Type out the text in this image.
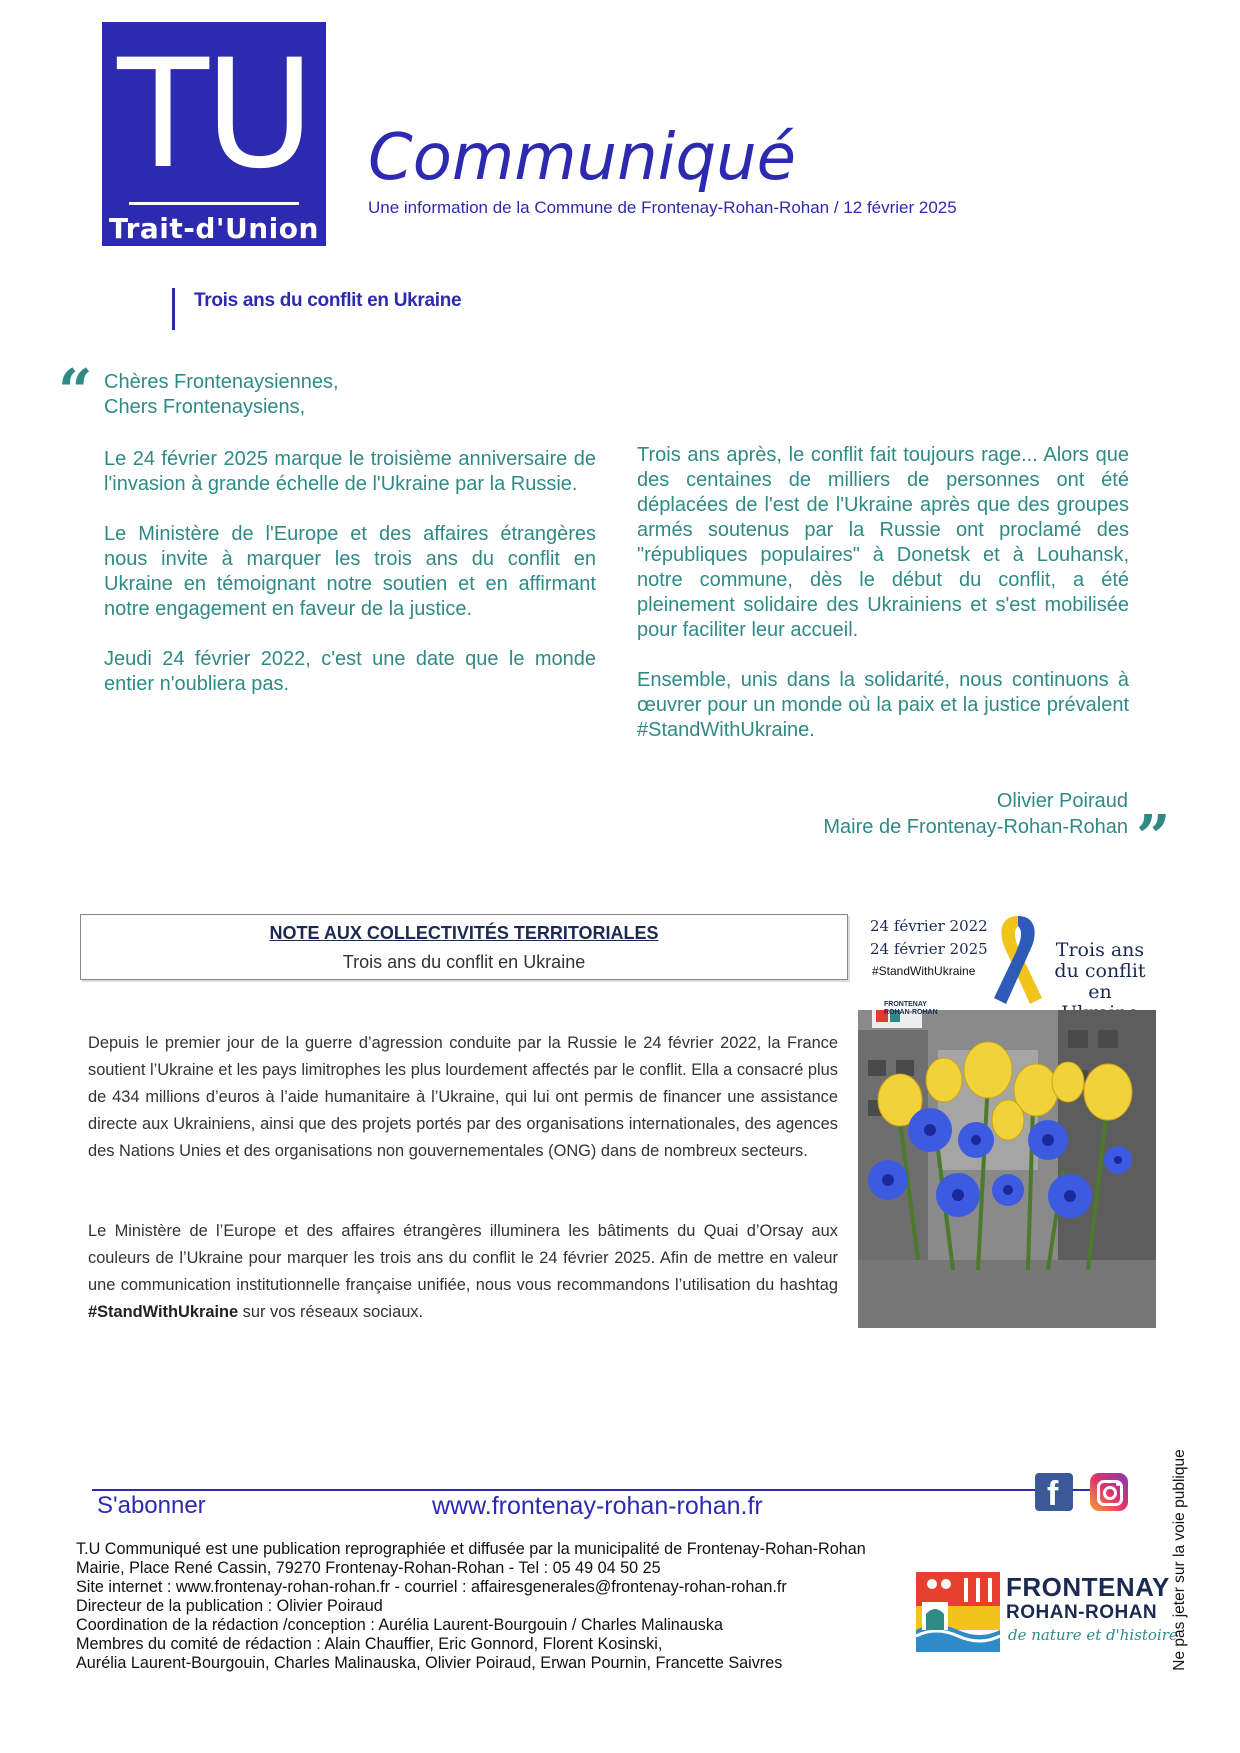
TU
Trait-d'Union
Communiqué
Une information de la Commune de Frontenay-Rohan-Rohan / 12 février 2025
Trois ans du conflit en Ukraine
“ Chères Frontenaysiennes,
Chers Frontenaysiens,

Le 24 février 2025 marque le troisième anniversaire de l'invasion à grande échelle de l'Ukraine par la Russie.

Le Ministère de l'Europe et des affaires étrangères nous invite à marquer les trois ans du conflit en Ukraine en témoignant notre soutien et en affirmant notre engagement en faveur de la justice.

Jeudi 24 février 2022, c'est une date que le monde entier n'oubliera pas.

Trois ans après, le conflit fait toujours rage... Alors que des centaines de milliers de personnes ont été déplacées de l'est de l'Ukraine après que des groupes armés soutenus par la Russie ont proclamé des "républiques populaires" à Donetsk et à Louhansk, notre commune, dès le début du conflit, a été pleinement solidaire des Ukrainiens et s'est mobilisée pour faciliter leur accueil.

Ensemble, unis dans la solidarité, nous continuons à œuvrer pour un monde où la paix et la justice prévalent #StandWithUkraine.

Olivier Poiraud
Maire de Frontenay-Rohan-Rohan ”
NOTE AUX COLLECTIVITÉS TERRITORIALES
Trois ans du conflit en Ukraine
Depuis le premier jour de la guerre d’agression conduite par la Russie le 24 février 2022, la France soutient l’Ukraine et les pays limitrophes les plus lourdement affectés par le conflit. Ella a consacré plus de 434 millions d’euros à l’aide humanitaire à l’Ukraine, qui lui ont permis de financer une assistance directe aux Ukrainiens, ainsi que des projets portés par des organisations internationales, des agences des Nations Unies et des organisations non gouvernementales (ONG) dans de nombreux secteurs.
Le Ministère de l’Europe et des affaires étrangères illuminera les bâtiments du Quai d’Orsay aux couleurs de l’Ukraine pour marquer les trois ans du conflit le 24 février 2025. Afin de mettre en valeur une communication institutionnelle française unifiée, nous vous recommandons l’utilisation du hashtag #StandWithUkraine sur vos réseaux sociaux.
24 février 2022
24 février 2025
#StandWithUkraine
Trois ans
du conflit
en
FRONTENAY
ROHAN-ROHAN
S'abonner	www.frontenay-rohan-rohan.fr	f
T.U Communiqué est une publication reprographiée et diffusée par la municipalité de Frontenay-Rohan-Rohan
Mairie, Place René Cassin, 79270 Frontenay-Rohan-Rohan - Tel : 05 49 04 50 25
Site internet : www.frontenay-rohan-rohan.fr - courriel : affairesgenerales@frontenay-rohan-rohan.fr
Directeur de la publication : Olivier Poiraud
Coordination de la rédaction /conception : Aurélia Laurent-Bourgouin / Charles Malinauska
Membres du comité de rédaction : Alain Chauffier, Eric Gonnord, Florent Kosinski,
Aurélia Laurent-Bourgouin, Charles Malinauska, Olivier Poiraud, Erwan Pournin, Francette Saivres
FRONTENAY
ROHAN-ROHAN
de nature et d'histoire
Ne pas jeter sur la voie publique
